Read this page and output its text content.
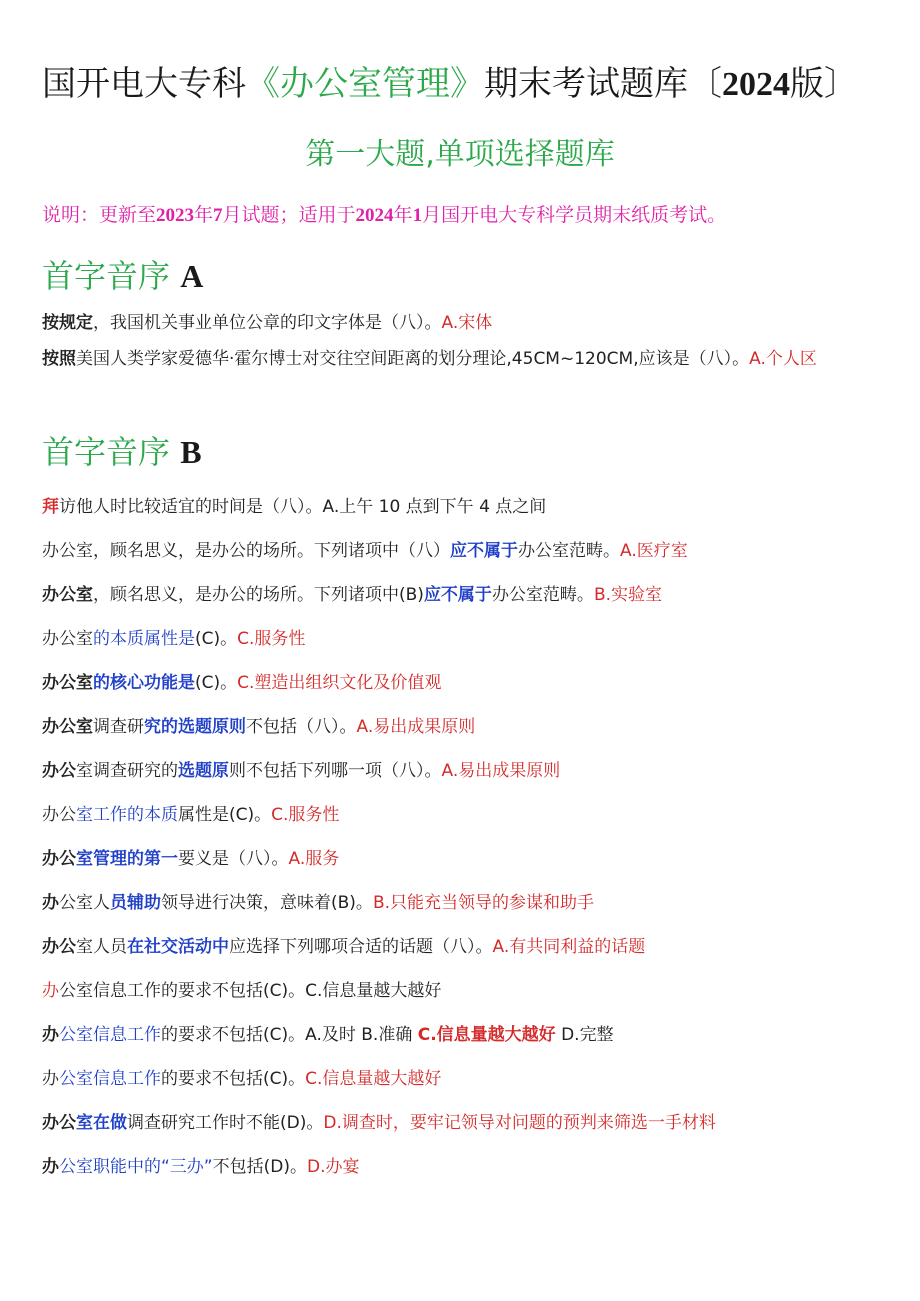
国开电大专科《办公室管理》期末考试题库〔2024版〕
第一大题,单项选择题库
说明：更新至2023年7月试题；适用于2024年1月国开电大专科学员期末纸质考试。
首字音序 A
按规定，我国机关事业单位公章的印文字体是（八）。A.宋体
按照美国人类学家爱德华·霍尔博士对交往空间距离的划分理论,45CM~120CM,应该是（八）。A.个人区
首字音序 B
拜访他人时比较适宜的时间是（八）。A.上午 10 点到下午 4 点之间
办公室，顾名思义，是办公的场所。下列诸项中（八）应不属于办公室范畴。A.医疗室
办公室，顾名思义，是办公的场所。下列诸项中(B)应不属于办公室范畴。B.实验室
办公室的本质属性是(C)。C.服务性
办公室的核心功能是(C)。C.塑造出组织文化及价值观
办公室调查研究的选题原则不包括（八）。A.易出成果原则
办公室调查研究的选题原则不包括下列哪一项（八）。A.易出成果原则
办公室工作的本质属性是(C)。C.服务性
办公室管理的第一要义是（八）。A.服务
办公室人员辅助领导进行决策，意味着(B)。B.只能充当领导的参谋和助手
办公室人员在社交活动中应选择下列哪项合适的话题（八）。A.有共同利益的话题
办公室信息工作的要求不包括(C)。C.信息量越大越好
办公室信息工作的要求不包括(C)。A.及时 B.准确 C.信息量越大越好 D.完整
办公室信息工作的要求不包括(C)。C.信息量越大越好
办公室在做调查研究工作时不能(D)。D.调查时，要牢记领导对问题的预判来筛选一手材料
办公室职能中的“三办”不包括(D)。D.办宴
